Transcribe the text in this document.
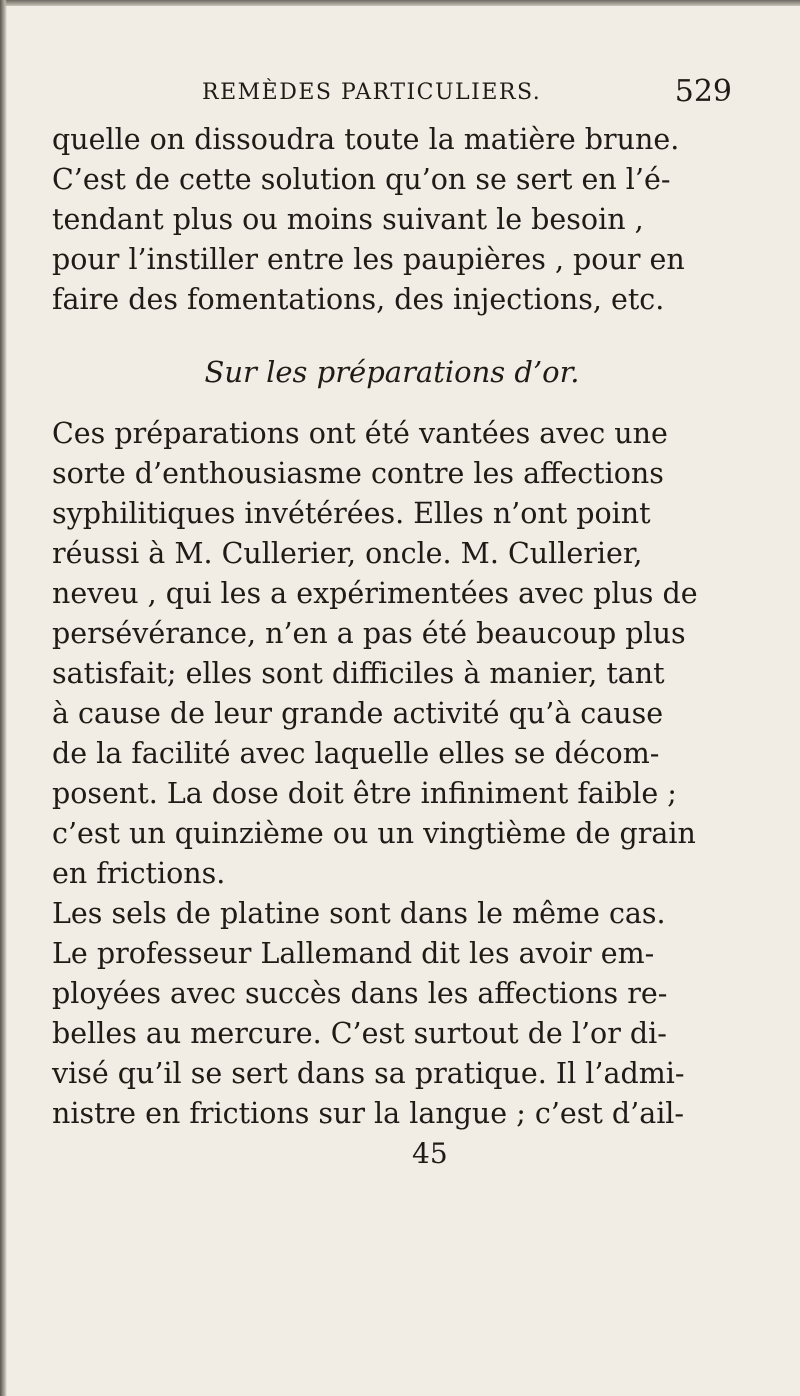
REMÈDES PARTICULIERS.	529

quelle on dissoudra toute la matière brune.
C’est de cette solution qu’on se sert en l’é-
tendant plus ou moins suivant le besoin ,
pour l’instiller entre les paupières , pour en
faire des fomentations, des injections, etc.

Sur les préparations d’or.

Ces préparations ont été vantées avec une
sorte d’enthousiasme contre les affections
syphilitiques invétérées. Elles n’ont point
réussi à M. Cullerier, oncle. M. Cullerier,
neveu , qui les a expérimentées avec plus de
persévérance, n’en a pas été beaucoup plus
satisfait; elles sont difficiles à manier, tant
à cause de leur grande activité qu’à cause
de la facilité avec laquelle elles se décom-
posent. La dose doit être infiniment faible ;
c’est un quinzième ou un vingtième de grain
en frictions.

Les sels de platine sont dans le même cas.
Le professeur Lallemand dit les avoir em-
ployées avec succès dans les affections re-
belles au mercure. C’est surtout de l’or di-
visé qu’il se sert dans sa pratique. Il l’admi-
nistre en frictions sur la langue ; c’est d’ail-

45
